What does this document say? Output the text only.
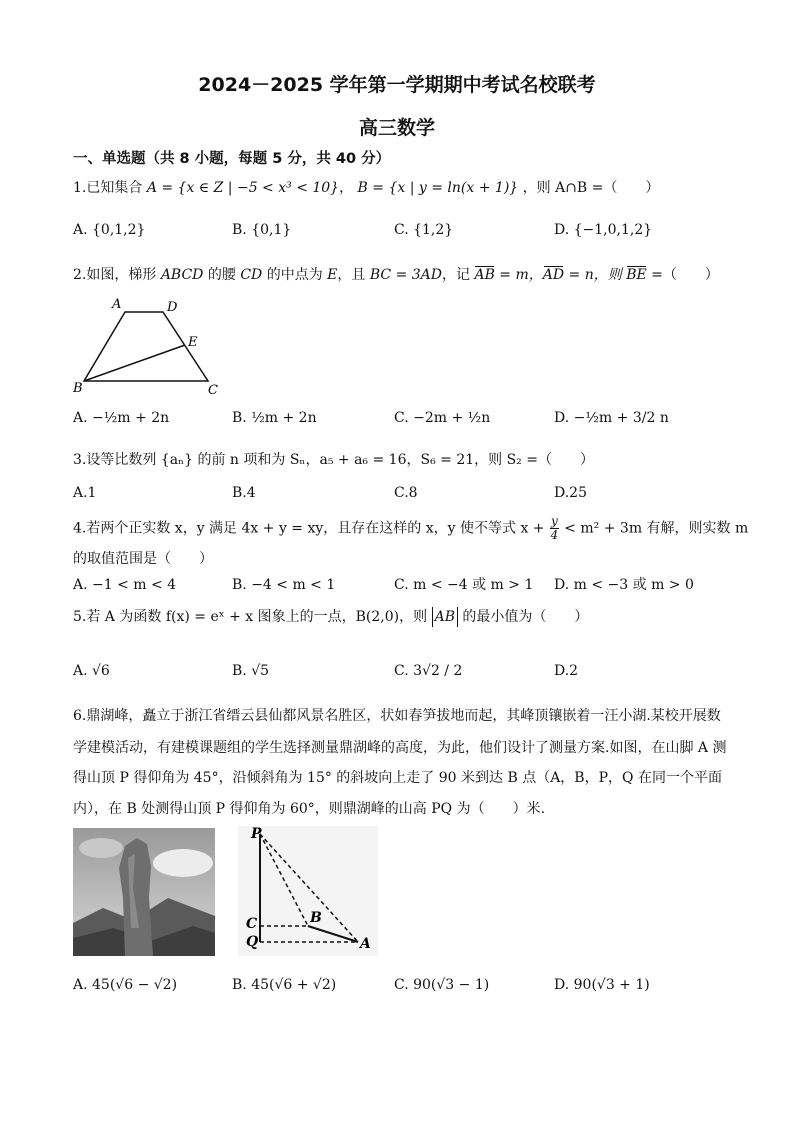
2024－2025 学年第一学期期中考试名校联考
高三数学
一、单选题（共 8 小题，每题 5 分，共 40 分）
1.已知集合 A = {x ∈ Z | −5 < x³ < 10}， B = {x | y = ln(x + 1)} ，则 A∩B =（　　）
A. {0,1,2}	B. {0,1}	C. {1,2}	D. {−1,0,1,2}
2.如图，梯形 ABCD 的腰 CD 的中点为 E，且 BC = 3AD，记 AB = m，AD = n，则 BE =（　　）
A	D
E
B	C
A. −½m + 2n	B. ½m + 2n	C. −2m + ½n	D. −½m + 3/2 n
3.设等比数列 {aₙ} 的前 n 项和为 Sₙ，a₅ + a₆ = 16，S₆ = 21，则 S₂ =（　　）
A.1	B.4	C.8	D.25
4.若两个正实数 x，y 满足 4x + y = xy，且存在这样的 x，y 使不等式 $x + \frac{y}{4} < m^2 + 3m$ 有解，则实数 m
的取值范围是（　　）
A. −1 < m < 4	B. −4 < m < 1	C. m < −4 或 m > 1 D. m < −3 或 m > 0
5.若 A 为函数 f(x) = eˣ + x 图象上的一点，B(2,0)，则 AB 的最小值为（　　）
A. √6	B. √5	C. 3√2 / 2	D.2
6.鼎湖峰，矗立于浙江省缙云县仙都风景名胜区，状如春笋拔地而起，其峰顶镶嵌着一汪小湖.某校开展数
学建模活动，有建模课题组的学生选择测量鼎湖峰的高度，为此，他们设计了测量方案.如图，在山脚 A 测
得山顶 P 得仰角为 45°，沿倾斜角为 15° 的斜坡向上走了 90 米到达 B 点（A，B，P，Q 在同一个平面
内），在 B 处测得山顶 P 得仰角为 60°，则鼎湖峰的山高 PQ 为（　　）米.
P
C	B
Q	A
A. 45(√6 − √2)	B. 45(√6 + √2)	C. 90(√3 − 1)	D. 90(√3 + 1)
